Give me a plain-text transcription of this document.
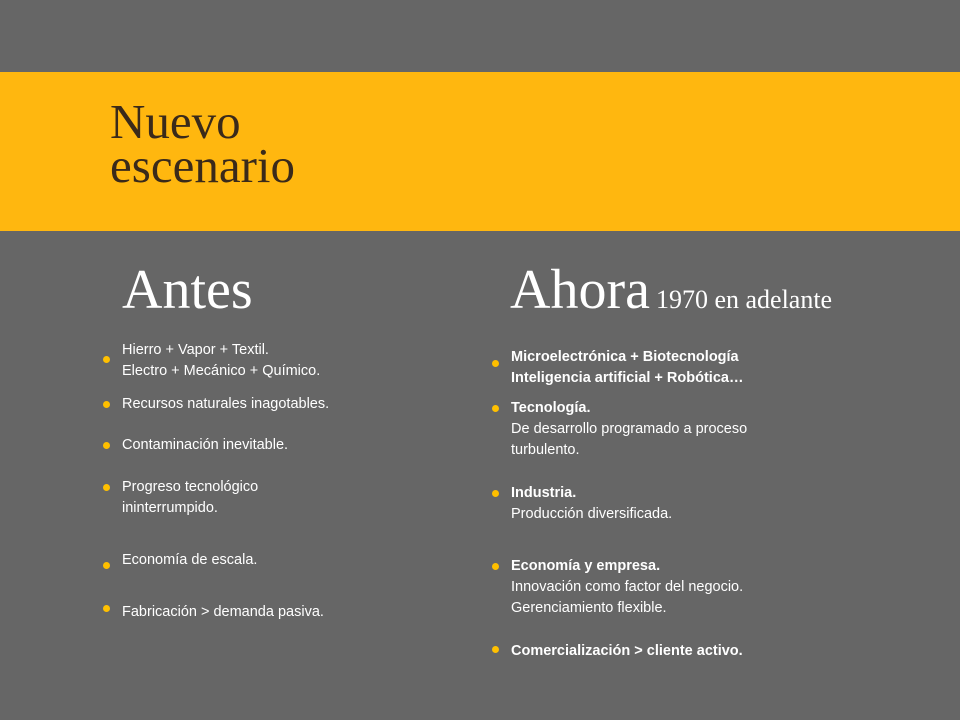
Nuevo
escenario
Antes	Ahora 1970 en adelante
Hierro + Vapor + Textil.
Electro + Mecánico + Químico.
Recursos naturales inagotables.
Contaminación inevitable.
Progreso tecnológico
ininterrumpido.
Economía de escala.
Fabricación > demanda pasiva.
Microelectrónica + Biotecnología
Inteligencia artificial + Robótica…
Tecnología.
De desarrollo programado a proceso
turbulento.
Industria.
Producción diversificada.
Economía y empresa.
Innovación como factor del negocio.
Gerenciamiento flexible.
Comercialización > cliente activo.
